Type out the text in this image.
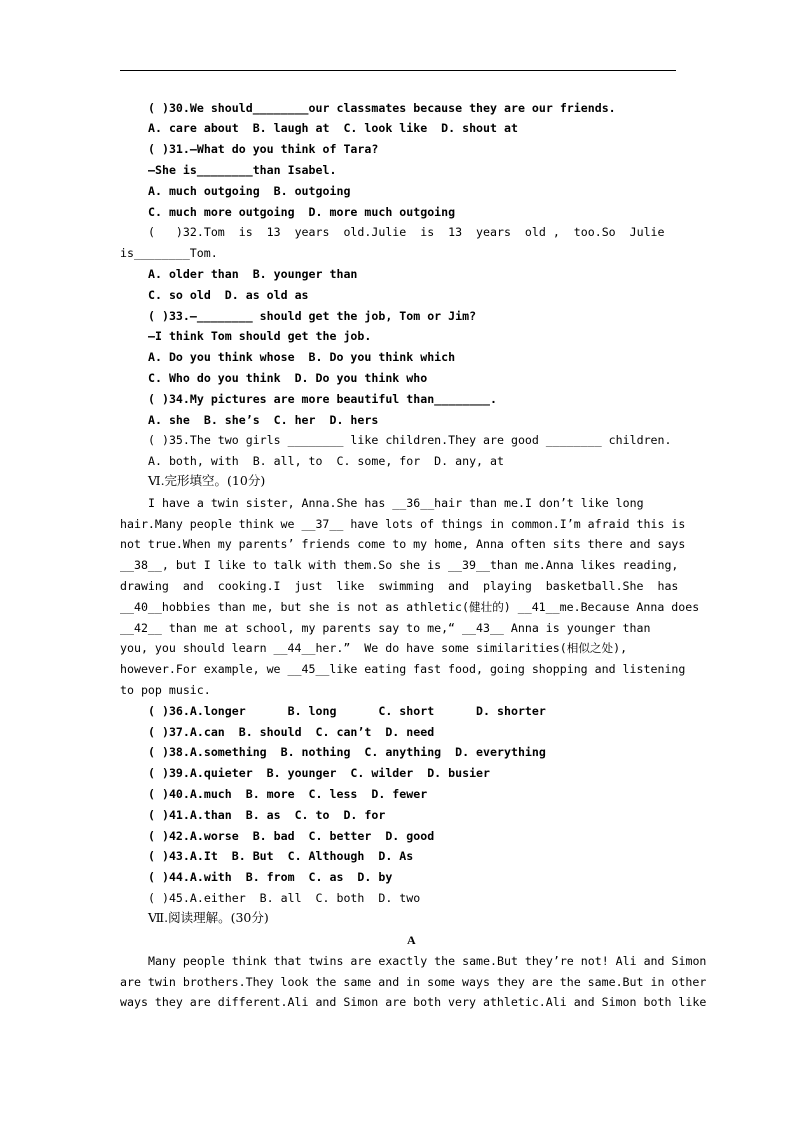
( )30.We should________our classmates because they are our friends.
A. care about  B. laugh at  C. look like  D. shout at
( )31.—What do you think of Tara?
—She is________than Isabel.
A. much outgoing  B. outgoing
C. much more outgoing  D. more much outgoing
(   )32.Tom  is  13  years  old.Julie  is  13  years  old ,  too.So  Julie
is________Tom.
A. older than  B. younger than
C. so old  D. as old as
( )33.—________ should get the job, Tom or Jim?
—I think Tom should get the job.
A. Do you think whose  B. Do you think which
C. Who do you think  D. Do you think who
( )34.My pictures are more beautiful than________.
A. she  B. she’s  C. her  D. hers
( )35.The two girls ________ like children.They are good ________ children.
A. both, with  B. all, to  C. some, for  D. any, at
Ⅵ.完形填空。(10分)
I have a twin sister, Anna.She has __36__hair than me.I don’t like long
hair.Many people think we __37__ have lots of things in common.I’m afraid this is
not true.When my parents’ friends come to my home, Anna often sits there and says
__38__, but I like to talk with them.So she is __39__than me.Anna likes reading,
drawing  and  cooking.I  just  like  swimming  and  playing  basketball.She  has
__40__hobbies than me, but she is not as athletic(健壮的) __41__me.Because Anna does
__42__ than me at school, my parents say to me,“ __43__ Anna is younger than
you, you should learn __44__her.”  We do have some similarities(相似之处),
however.For example, we __45__like eating fast food, going shopping and listening
to pop music.
( )36.A.longer      B. long      C. short      D. shorter
( )37.A.can  B. should  C. can’t  D. need
( )38.A.something  B. nothing  C. anything  D. everything
( )39.A.quieter  B. younger  C. wilder  D. busier
( )40.A.much  B. more  C. less  D. fewer
( )41.A.than  B. as  C. to  D. for
( )42.A.worse  B. bad  C. better  D. good
( )43.A.It  B. But  C. Although  D. As
( )44.A.with  B. from  C. as  D. by
( )45.A.either  B. all  C. both  D. two
Ⅶ.阅读理解。(30分)
A
Many people think that twins are exactly the same.But they’re not! Ali and Simon
are twin brothers.They look the same and in some ways they are the same.But in other
ways they are different.Ali and Simon are both very athletic.Ali and Simon both like
